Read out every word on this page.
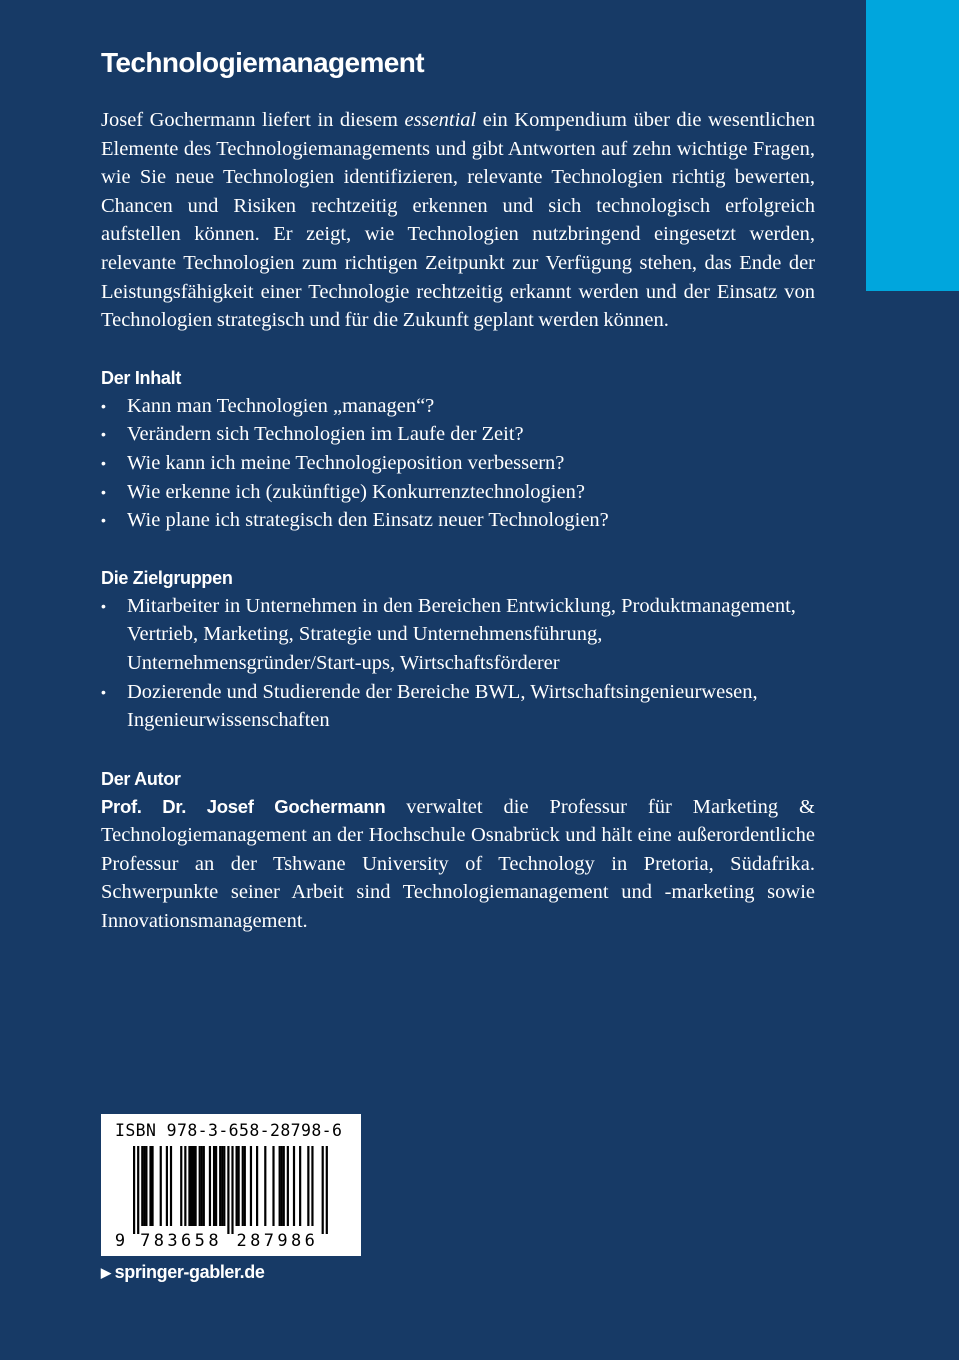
Technologiemanagement

Josef Gochermann liefert in diesem essential ein Kompendium über die wesentlichen Elemente des Technologiemanagements und gibt Antworten auf zehn wichtige Fragen, wie Sie neue Technologien identifizieren, relevante Technologien richtig bewerten, Chancen und Risiken rechtzeitig erkennen und sich technologisch erfolgreich aufstellen können. Er zeigt, wie Technologien nutzbringend eingesetzt werden, relevante Technologien zum richtigen Zeitpunkt zur Verfügung stehen, das Ende der Leistungsfähigkeit einer Technologie rechtzeitig erkannt werden und der Einsatz von Technologien strategisch und für die Zukunft geplant werden können.

Der Inhalt
•	Kann man Technologien „managen“?
•	Verändern sich Technologien im Laufe der Zeit?
•	Wie kann ich meine Technologieposition verbessern?
•	Wie erkenne ich (zukünftige) Konkurrenztechnologien?
•	Wie plane ich strategisch den Einsatz neuer Technologien?
Die Zielgruppen
•	Mitarbeiter in Unternehmen in den Bereichen Entwicklung, Produktmanagement, Vertrieb, Marketing, Strategie und Unternehmensführung, Unternehmensgründer/Start-ups, Wirtschaftsförderer
•	Dozierende und Studierende der Bereiche BWL, Wirtschaftsingenieurwesen, Ingenieurwissenschaften
Der Autor

Prof. Dr. Josef Gochermann verwaltet die Professur für Marketing & Technologiemanagement an der Hochschule Osnabrück und hält eine außerordentliche Professur an der Tshwane University of Technology in Pretoria, Südafrika. Schwerpunkte seiner Arbeit sind Technologiemanagement und -marketing sowie Innovationsmanagement.

ISBN 978-3-658-28798-6
9 783658 287986
▶ springer-gabler.de
